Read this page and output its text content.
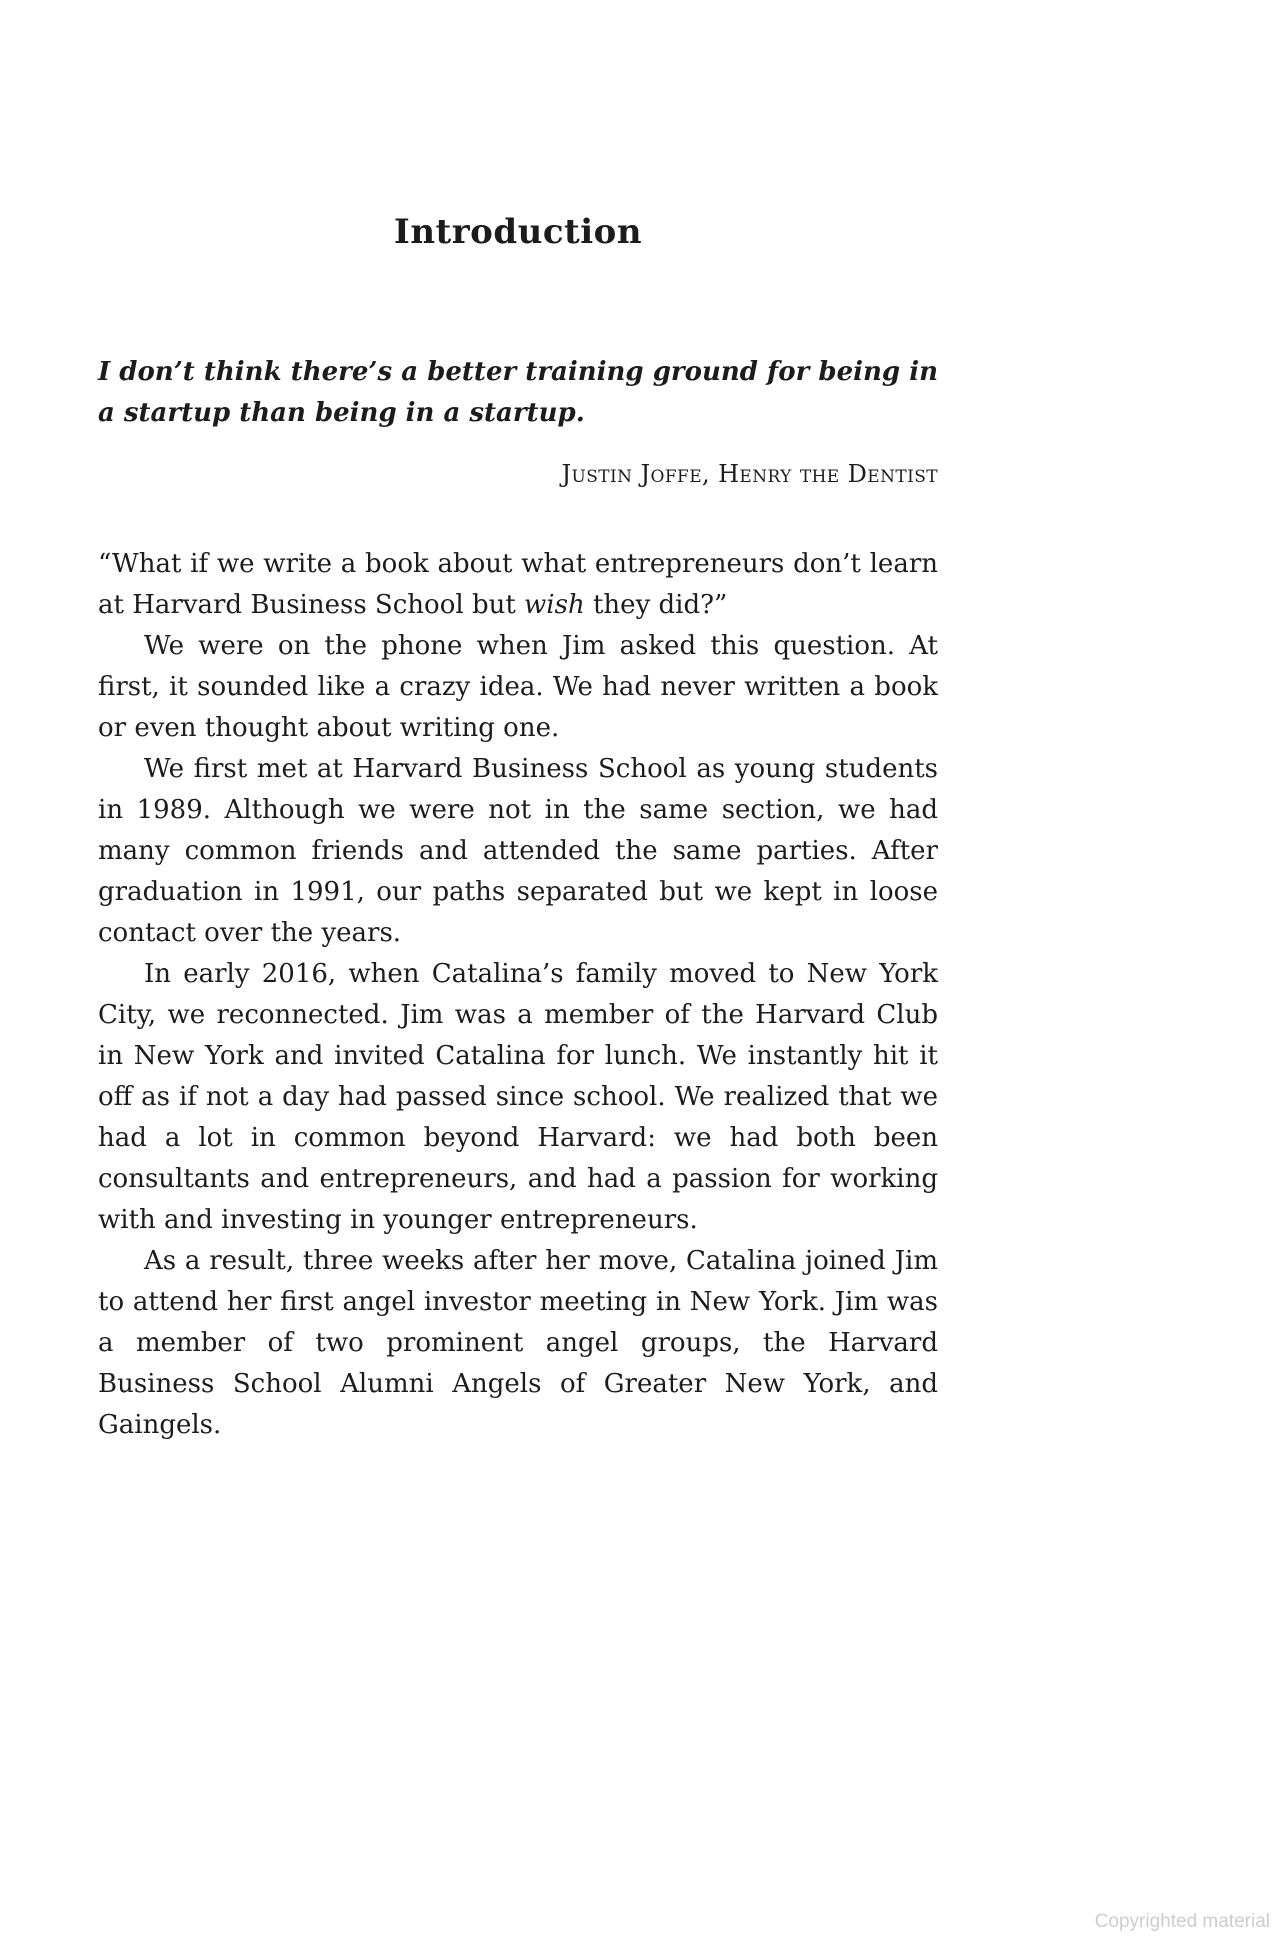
Introduction
I don’t think there’s a better training ground for being in a startup than being in a startup.
Justin Joffe, Henry the Dentist

“What if we write a book about what entrepreneurs don’t learn at Harvard Business School but wish they did?”

We were on the phone when Jim asked this question. At first, it sounded like a crazy idea. We had never written a book or even thought about writing one.

We first met at Harvard Business School as young students in 1989. Although we were not in the same section, we had many common friends and attended the same parties. After graduation in 1991, our paths separated but we kept in loose contact over the years.

In early 2016, when Catalina’s family moved to New York City, we reconnected. Jim was a member of the Harvard Club in New York and invited Catalina for lunch. We instantly hit it off as if not a day had passed since school. We realized that we had a lot in common beyond Harvard: we had both been consultants and entrepreneurs, and had a passion for working with and investing in younger entrepreneurs.

As a result, three weeks after her move, Catalina joined Jim to attend her first angel investor meeting in New York. Jim was a member of two prominent angel groups, the Harvard Business School Alumni Angels of Greater New York, and Gaingels.

Copyrighted material
